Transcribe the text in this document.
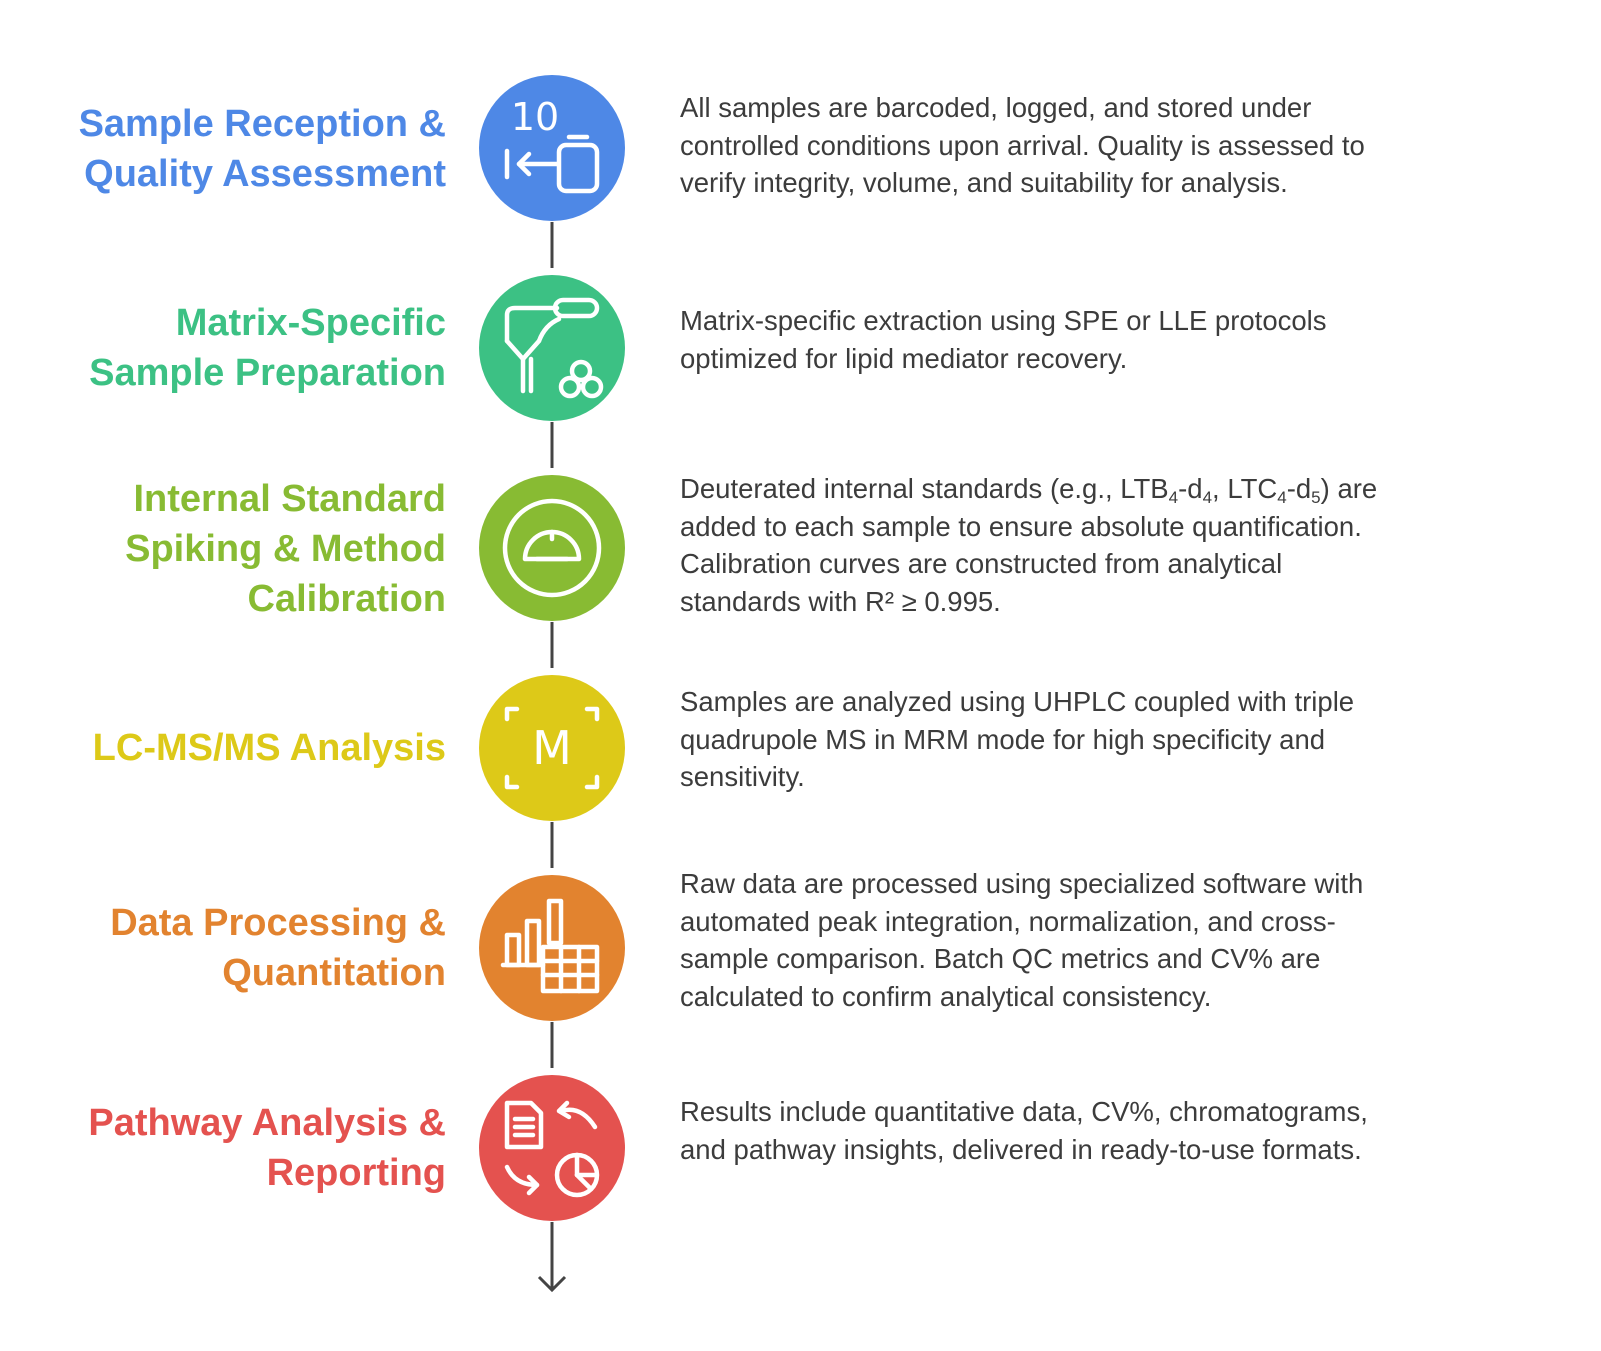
Sample Reception &
Quality Assessment
10	All samples are barcoded, logged, and stored under
controlled conditions upon arrival. Quality is assessed to
verify integrity, volume, and suitability for analysis.
Matrix-Specific
Sample Preparation
Matrix-specific extraction using SPE or LLE protocols
optimized for lipid mediator recovery.
Internal Standard
Spiking & Method
Calibration
Deuterated internal standards (e.g., $LTB_4-d_4$, $LTC_4-d_5$) are
added to each sample to ensure absolute quantification.
Calibration curves are constructed from analytical
standards with R² ≥ 0.995.
LC-MS/MS Analysis M
Samples are analyzed using UHPLC coupled with triple
quadrupole MS in MRM mode for high specificity and
sensitivity.
Data Processing &
Quantitation
Raw data are processed using specialized software with
automated peak integration, normalization, and cross-
sample comparison. Batch QC metrics and CV% are
calculated to confirm analytical consistency.
Pathway Analysis &
Reporting
Results include quantitative data, CV%, chromatograms,
and pathway insights, delivered in ready-to-use formats.
